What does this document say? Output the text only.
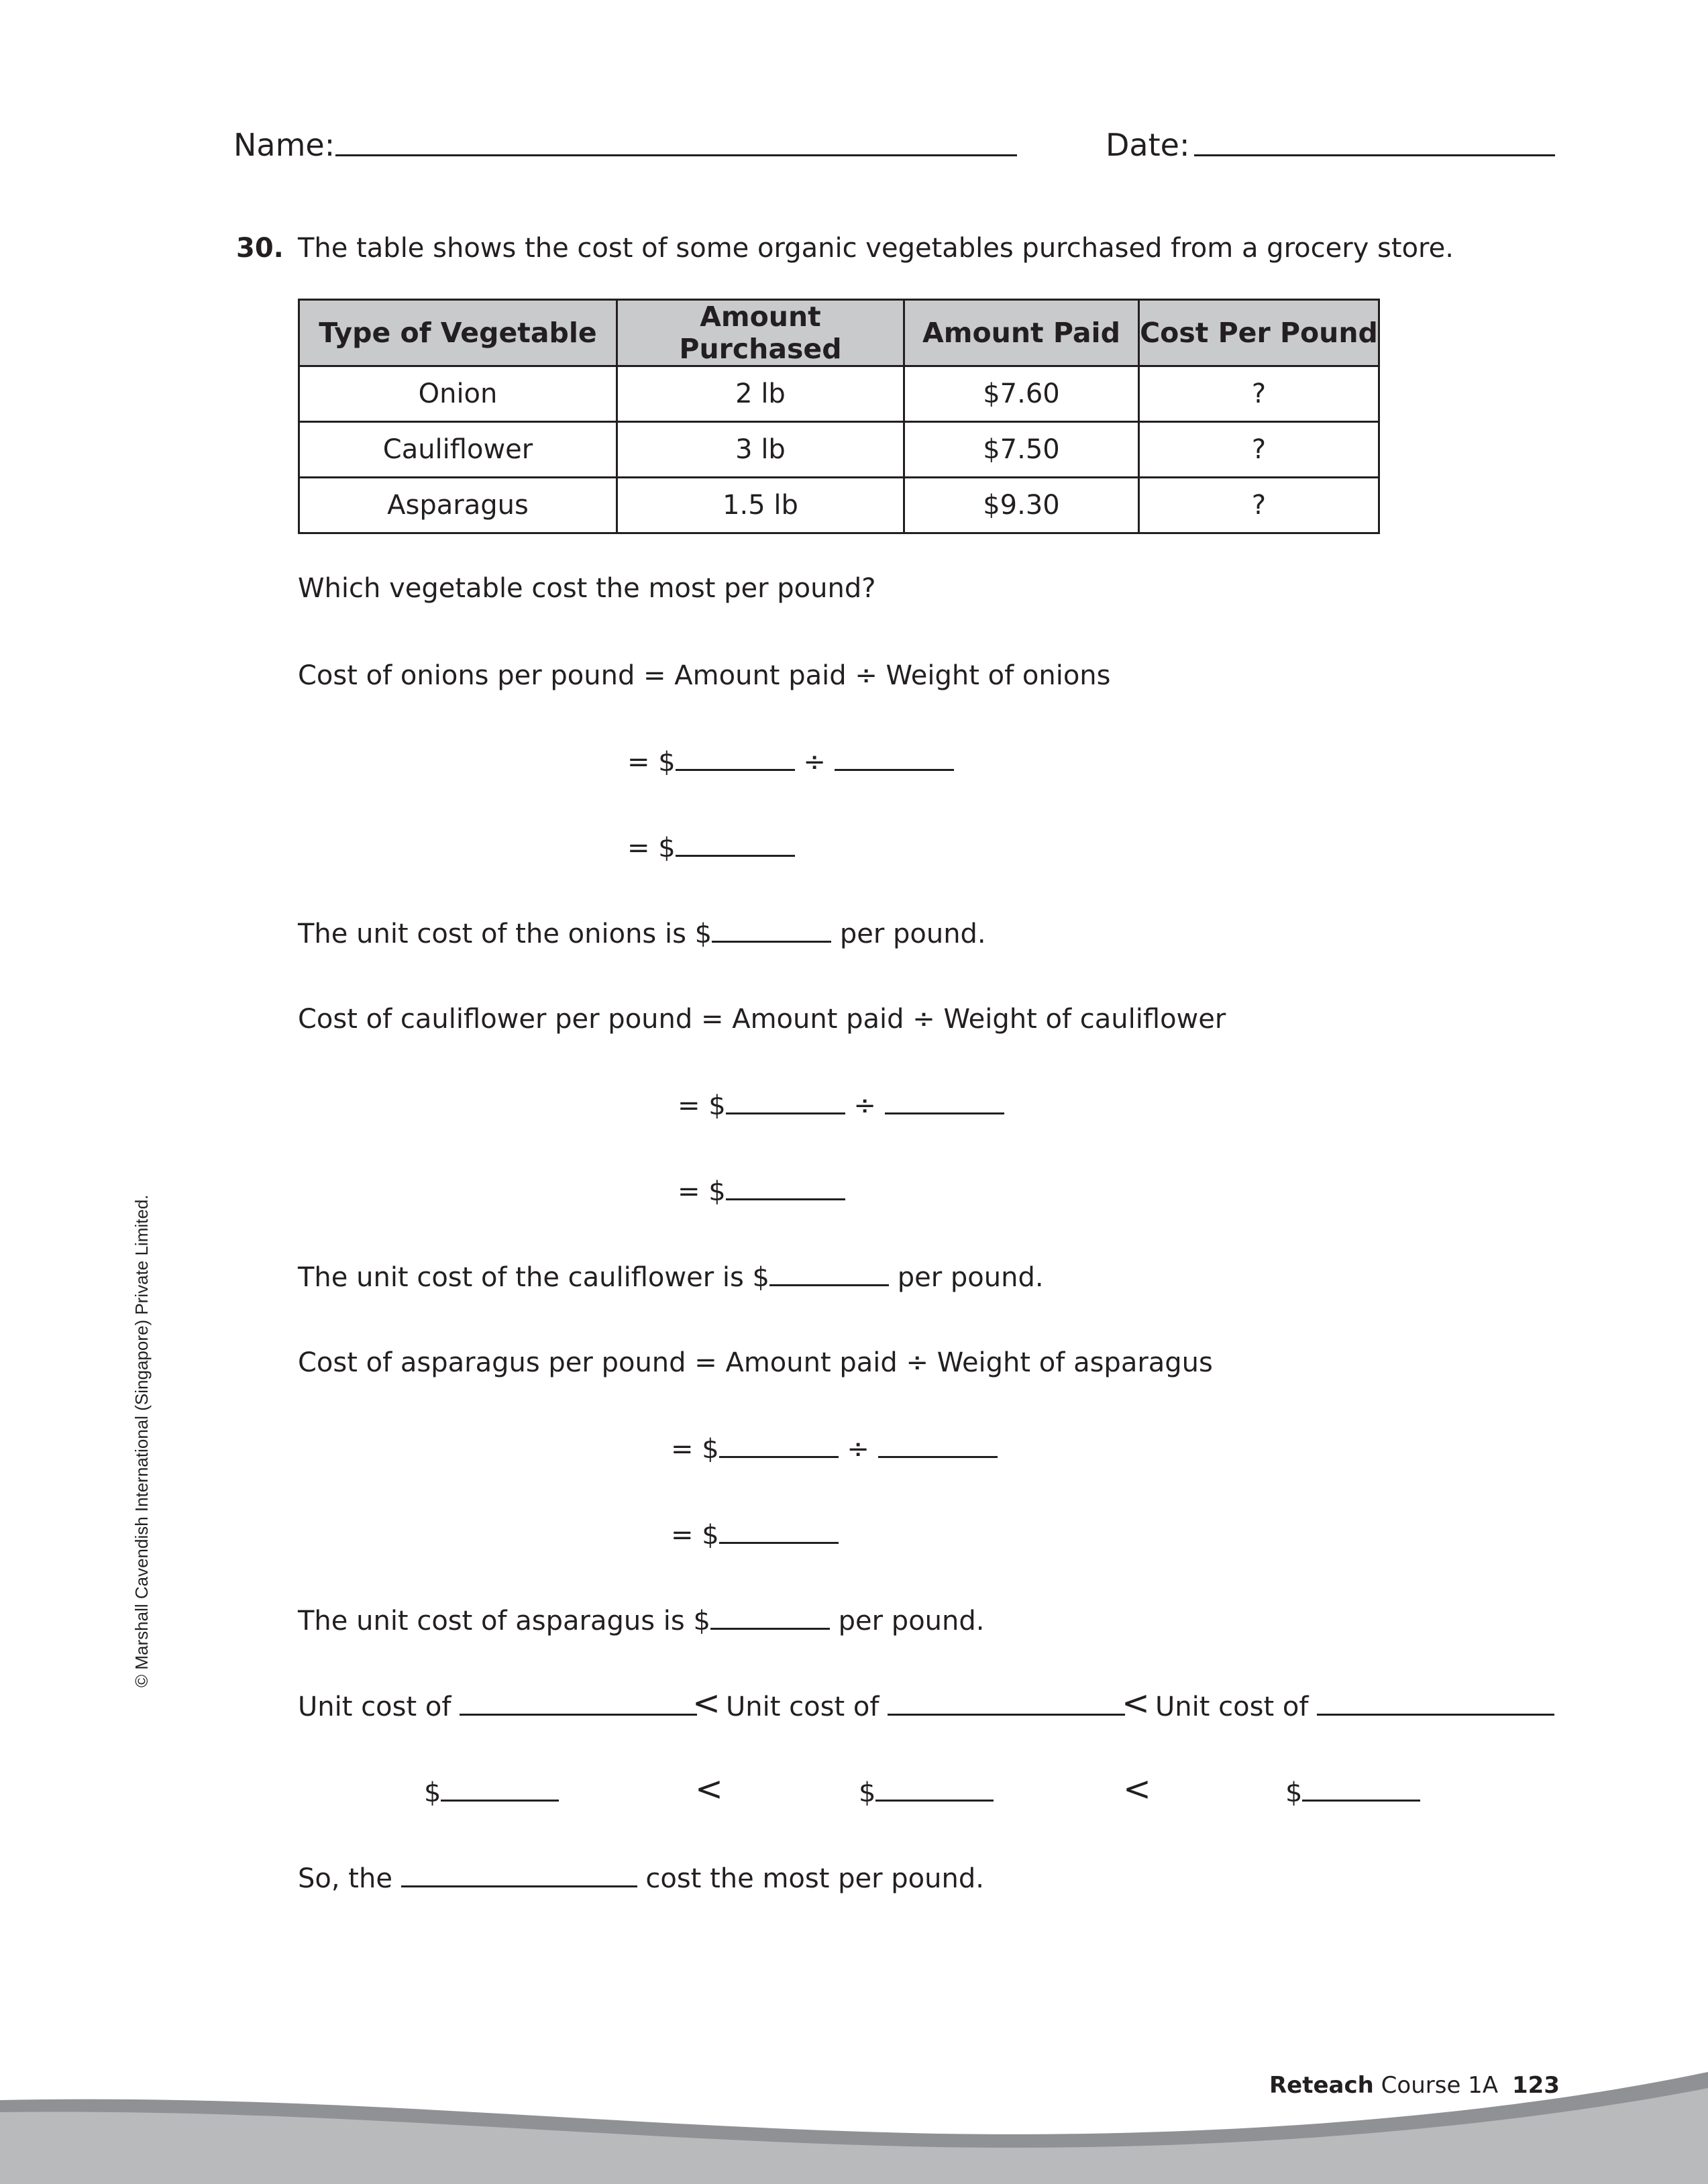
Name:	Date:
30. The table shows the cost of some organic vegetables purchased from a grocery store.
Type of Vegetable	Amount Purchased	Amount Paid	Cost Per Pound
Onion	2 lb	$7.60	?
Cauliflower	3 lb	$7.50	?
Asparagus	1.5 lb	$9.30	?
Which vegetable cost the most per pound?
Cost of onions per pound = Amount paid ÷ Weight of onions
= $	÷
= $
The unit cost of the onions is $	per pound.
Cost of cauliflower per pound = Amount paid ÷ Weight of cauliflower
= $	÷
= $
The unit cost of the cauliflower is $	per pound.
Cost of asparagus per pound = Amount paid ÷ Weight of asparagus
= $	÷
= $
The unit cost of asparagus is $	per pound.
Unit cost of	< Unit cost of	< Unit cost of
$	<	$	<	$
So, the	cost the most per pound.
© Marshall Cavendish International (Singapore) Private Limited.
Reteach Course 1A 123
